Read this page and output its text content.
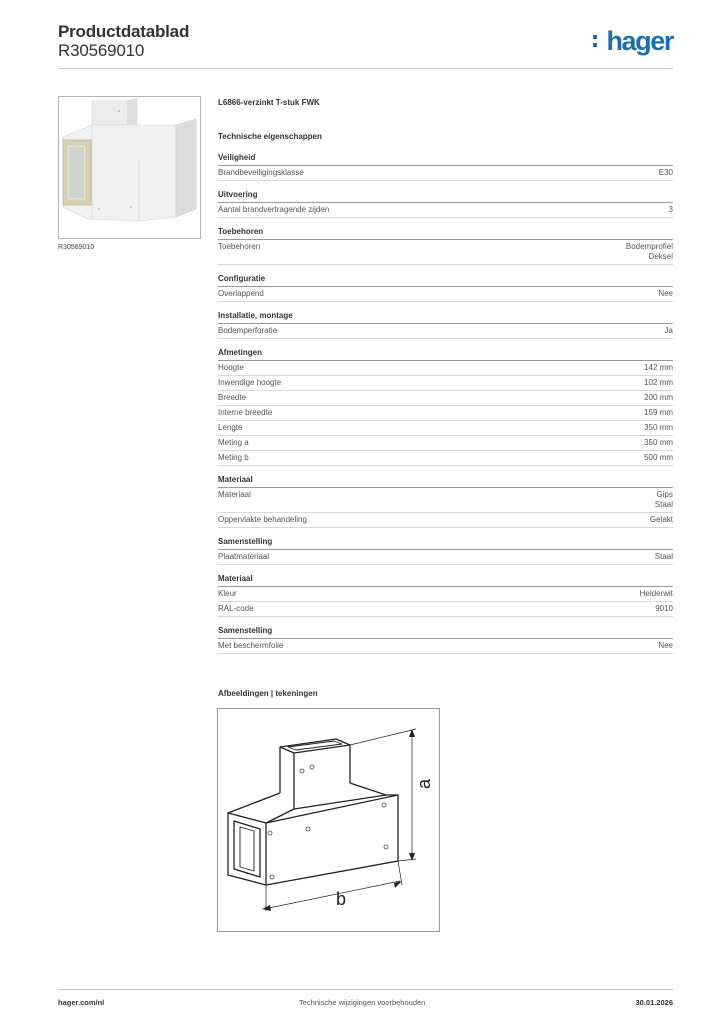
Productdatablad
R30569010	hager
R30569010
L6866-verzinkt T-stuk FWK
Technische eigenschappen
Veiligheid
Brandbeveiligingsklasse	E30
Uitvoering
Aantal brandvertragende zijden	3
Toebehoren
Toebehoren	Bodemprofiel
Deksel
Configuratie
Overlappend	Nee
Installatie, montage
Bodemperforatie	Ja
Afmetingen
Hoogte	142 mm
Inwendige hoogte	102 mm
Breedte	200 mm
Interne breedte	159 mm
Lengte	350 mm
Meting a	350 mm
Meting b	500 mm
Materiaal
Materiaal	Gips
Staal
Oppervlakte behandeling	Gelakt
Samenstelling
Plaatmateriaal	Staal
Materiaal
Kleur	Helderwit
RAL-code	9010
Samenstelling
Met beschermfolie	Nee
Afbeeldingen | tekeningen
a
b
hager.com/nl	Technische wijzigingen voorbehouden	30.01.2026
